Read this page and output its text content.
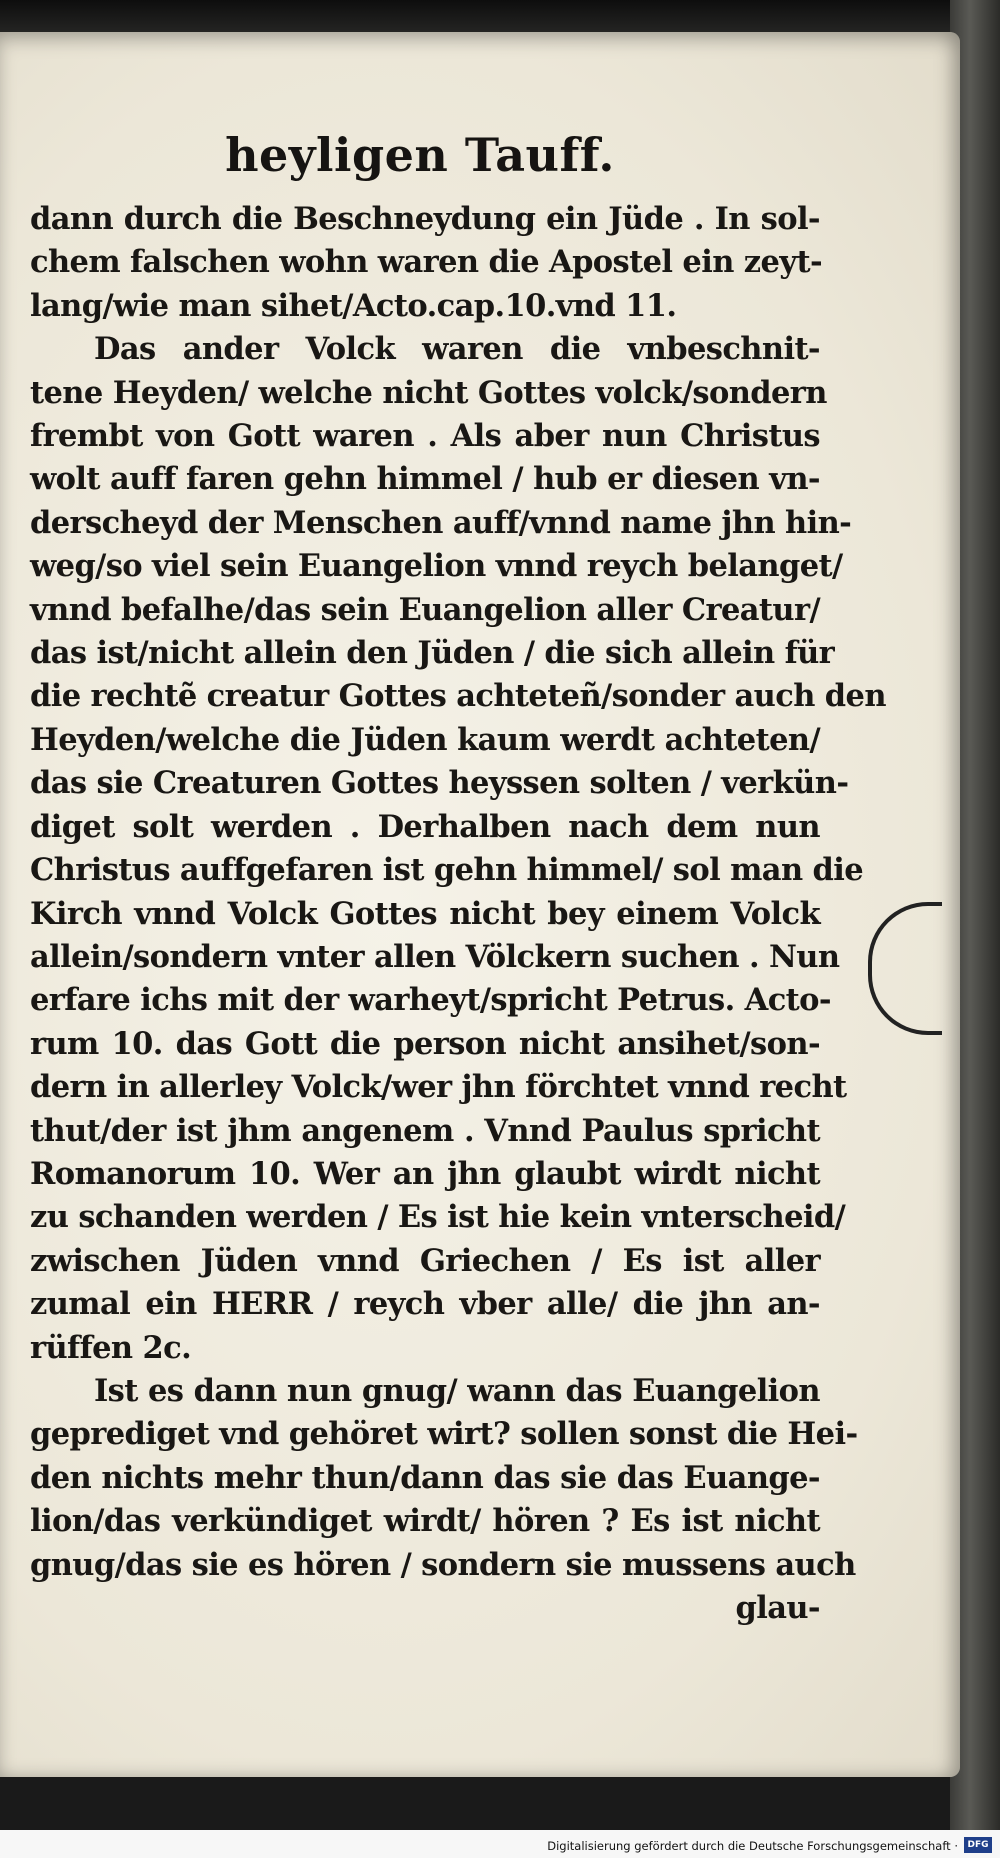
heyligen Tauff.
dann durch die Beschneydung ein Jüde . In sol-
chem falschen wohn waren die Apostel ein zeyt-
lang/wie man sihet/Acto.cap.10.vnd 11.
Das ander Volck waren die vnbeschnit-
tene Heyden/ welche nicht Gottes volck/sondern
frembt von Gott waren . Als aber nun Christus
wolt auff faren gehn himmel / hub er diesen vn-
derscheyd der Menschen auff/vnnd name jhn hin-
weg/so viel sein Euangelion vnnd reych belanget/
vnnd befalhe/das sein Euangelion aller Creatur/
das ist/nicht allein den Jüden / die sich allein für
die rechtẽ creatur Gottes achteteñ/sonder auch den
Heyden/welche die Jüden kaum werdt achteten/
das sie Creaturen Gottes heyssen solten / verkün-
diget solt werden . Derhalben nach dem nun
Christus auffgefaren ist gehn himmel/ sol man die
Kirch vnnd Volck Gottes nicht bey einem Volck
allein/sondern vnter allen Völckern suchen . Nun
erfare ichs mit der warheyt/spricht Petrus. Acto-
rum 10. das Gott die person nicht ansihet/son-
dern in allerley Volck/wer jhn förchtet vnnd recht
thut/der ist jhm angenem . Vnnd Paulus spricht
Romanorum 10. Wer an jhn glaubt wirdt nicht
zu schanden werden / Es ist hie kein vnterscheid/
zwischen Jüden vnnd Griechen / Es ist aller
zumal ein HERR / reych vber alle/ die jhn an-
rüffen 2c.
Ist es dann nun gnug/ wann das Euangelion
geprediget vnd gehöret wirt? sollen sonst die Hei-
den nichts mehr thun/dann das sie das Euange-
lion/das verkündiget wirdt/ hören ? Es ist nicht
gnug/das sie es hören / sondern sie mussens auch
glau-
Digitalisierung gefördert durch die Deutsche Forschungsgemeinschaft ·	DFG
